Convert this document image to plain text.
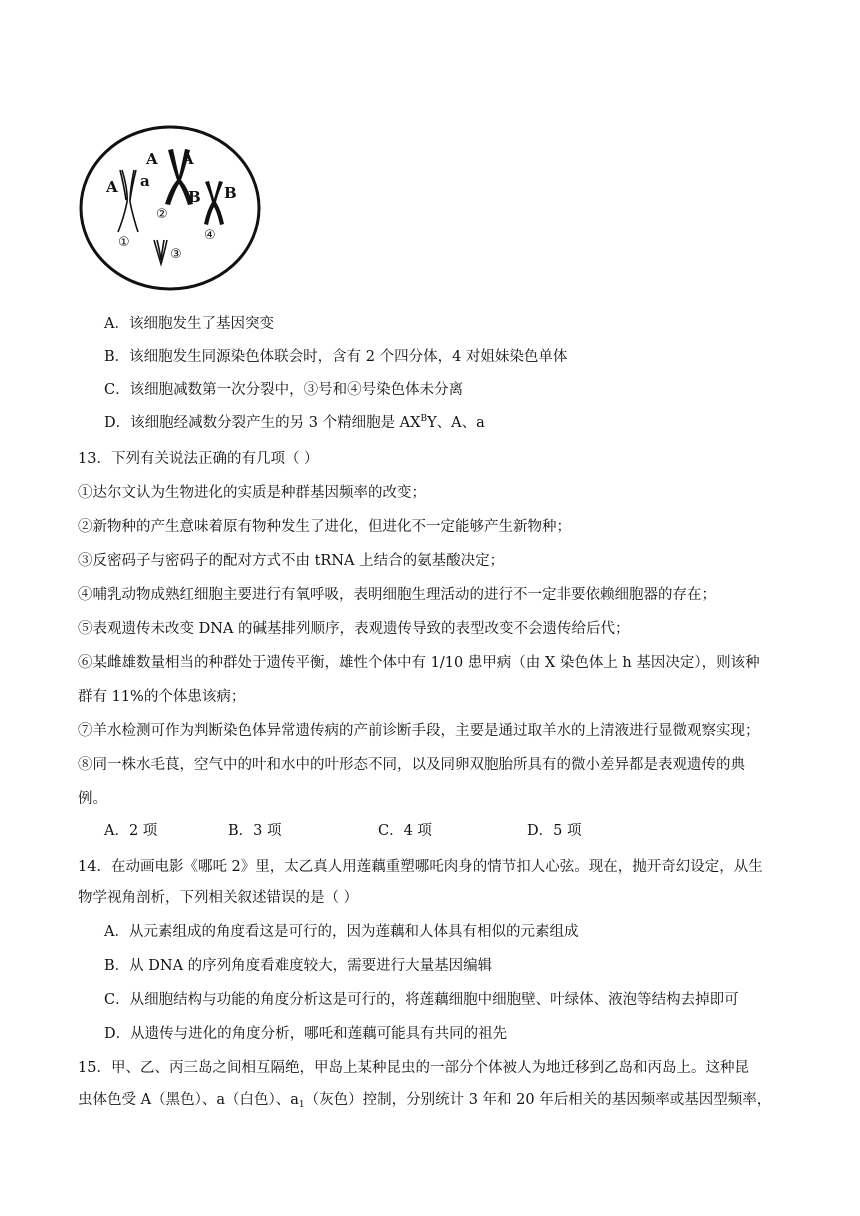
A a
A A
B B
①
②
③
④
A．该细胞发生了基因突变
B．该细胞发生同源染色体联会时，含有 2 个四分体，4 对姐妹染色单体
C．该细胞减数第一次分裂中，③号和④号染色体未分离
D．该细胞经减数分裂产生的另 3 个精细胞是 $AX^BY$、A、a
13．下列有关说法正确的有几项（ ）
①达尔文认为生物进化的实质是种群基因频率的改变；
②新物种的产生意味着原有物种发生了进化，但进化不一定能够产生新物种；
③反密码子与密码子的配对方式不由 tRNA 上结合的氨基酸决定；
④哺乳动物成熟红细胞主要进行有氧呼吸，表明细胞生理活动的进行不一定非要依赖细胞器的存在；
⑤表观遗传未改变 DNA 的碱基排列顺序，表观遗传导致的表型改变不会遗传给后代；
⑥某雌雄数量相当的种群处于遗传平衡，雄性个体中有 1/10 患甲病（由 X 染色体上 h 基因决定），则该种
群有 11%的个体患该病；
⑦羊水检测可作为判断染色体异常遗传病的产前诊断手段，主要是通过取羊水的上清液进行显微观察实现；
⑧同一株水毛茛，空气中的叶和水中的叶形态不同，以及同卵双胞胎所具有的微小差异都是表观遗传的典
例。
A．2 项	B．3 项	C．4 项	D．5 项
14．在动画电影《哪吒 2》里，太乙真人用莲藕重塑哪吒肉身的情节扣人心弦。现在，抛开奇幻设定，从生
物学视角剖析，下列相关叙述错误的是（ ）
A．从元素组成的角度看这是可行的，因为莲藕和人体具有相似的元素组成
B．从 DNA 的序列角度看难度较大，需要进行大量基因编辑
C．从细胞结构与功能的角度分析这是可行的，将莲藕细胞中细胞壁、叶绿体、液泡等结构去掉即可
D．从遗传与进化的角度分析，哪吒和莲藕可能具有共同的祖先
15．甲、乙、丙三岛之间相互隔绝，甲岛上某种昆虫的一部分个体被人为地迁移到乙岛和丙岛上。这种昆
虫体色受 A（黑色）、a（白色）、$a_1$（灰色）控制，分别统计 3 年和 20 年后相关的基因频率或基因型频率，
